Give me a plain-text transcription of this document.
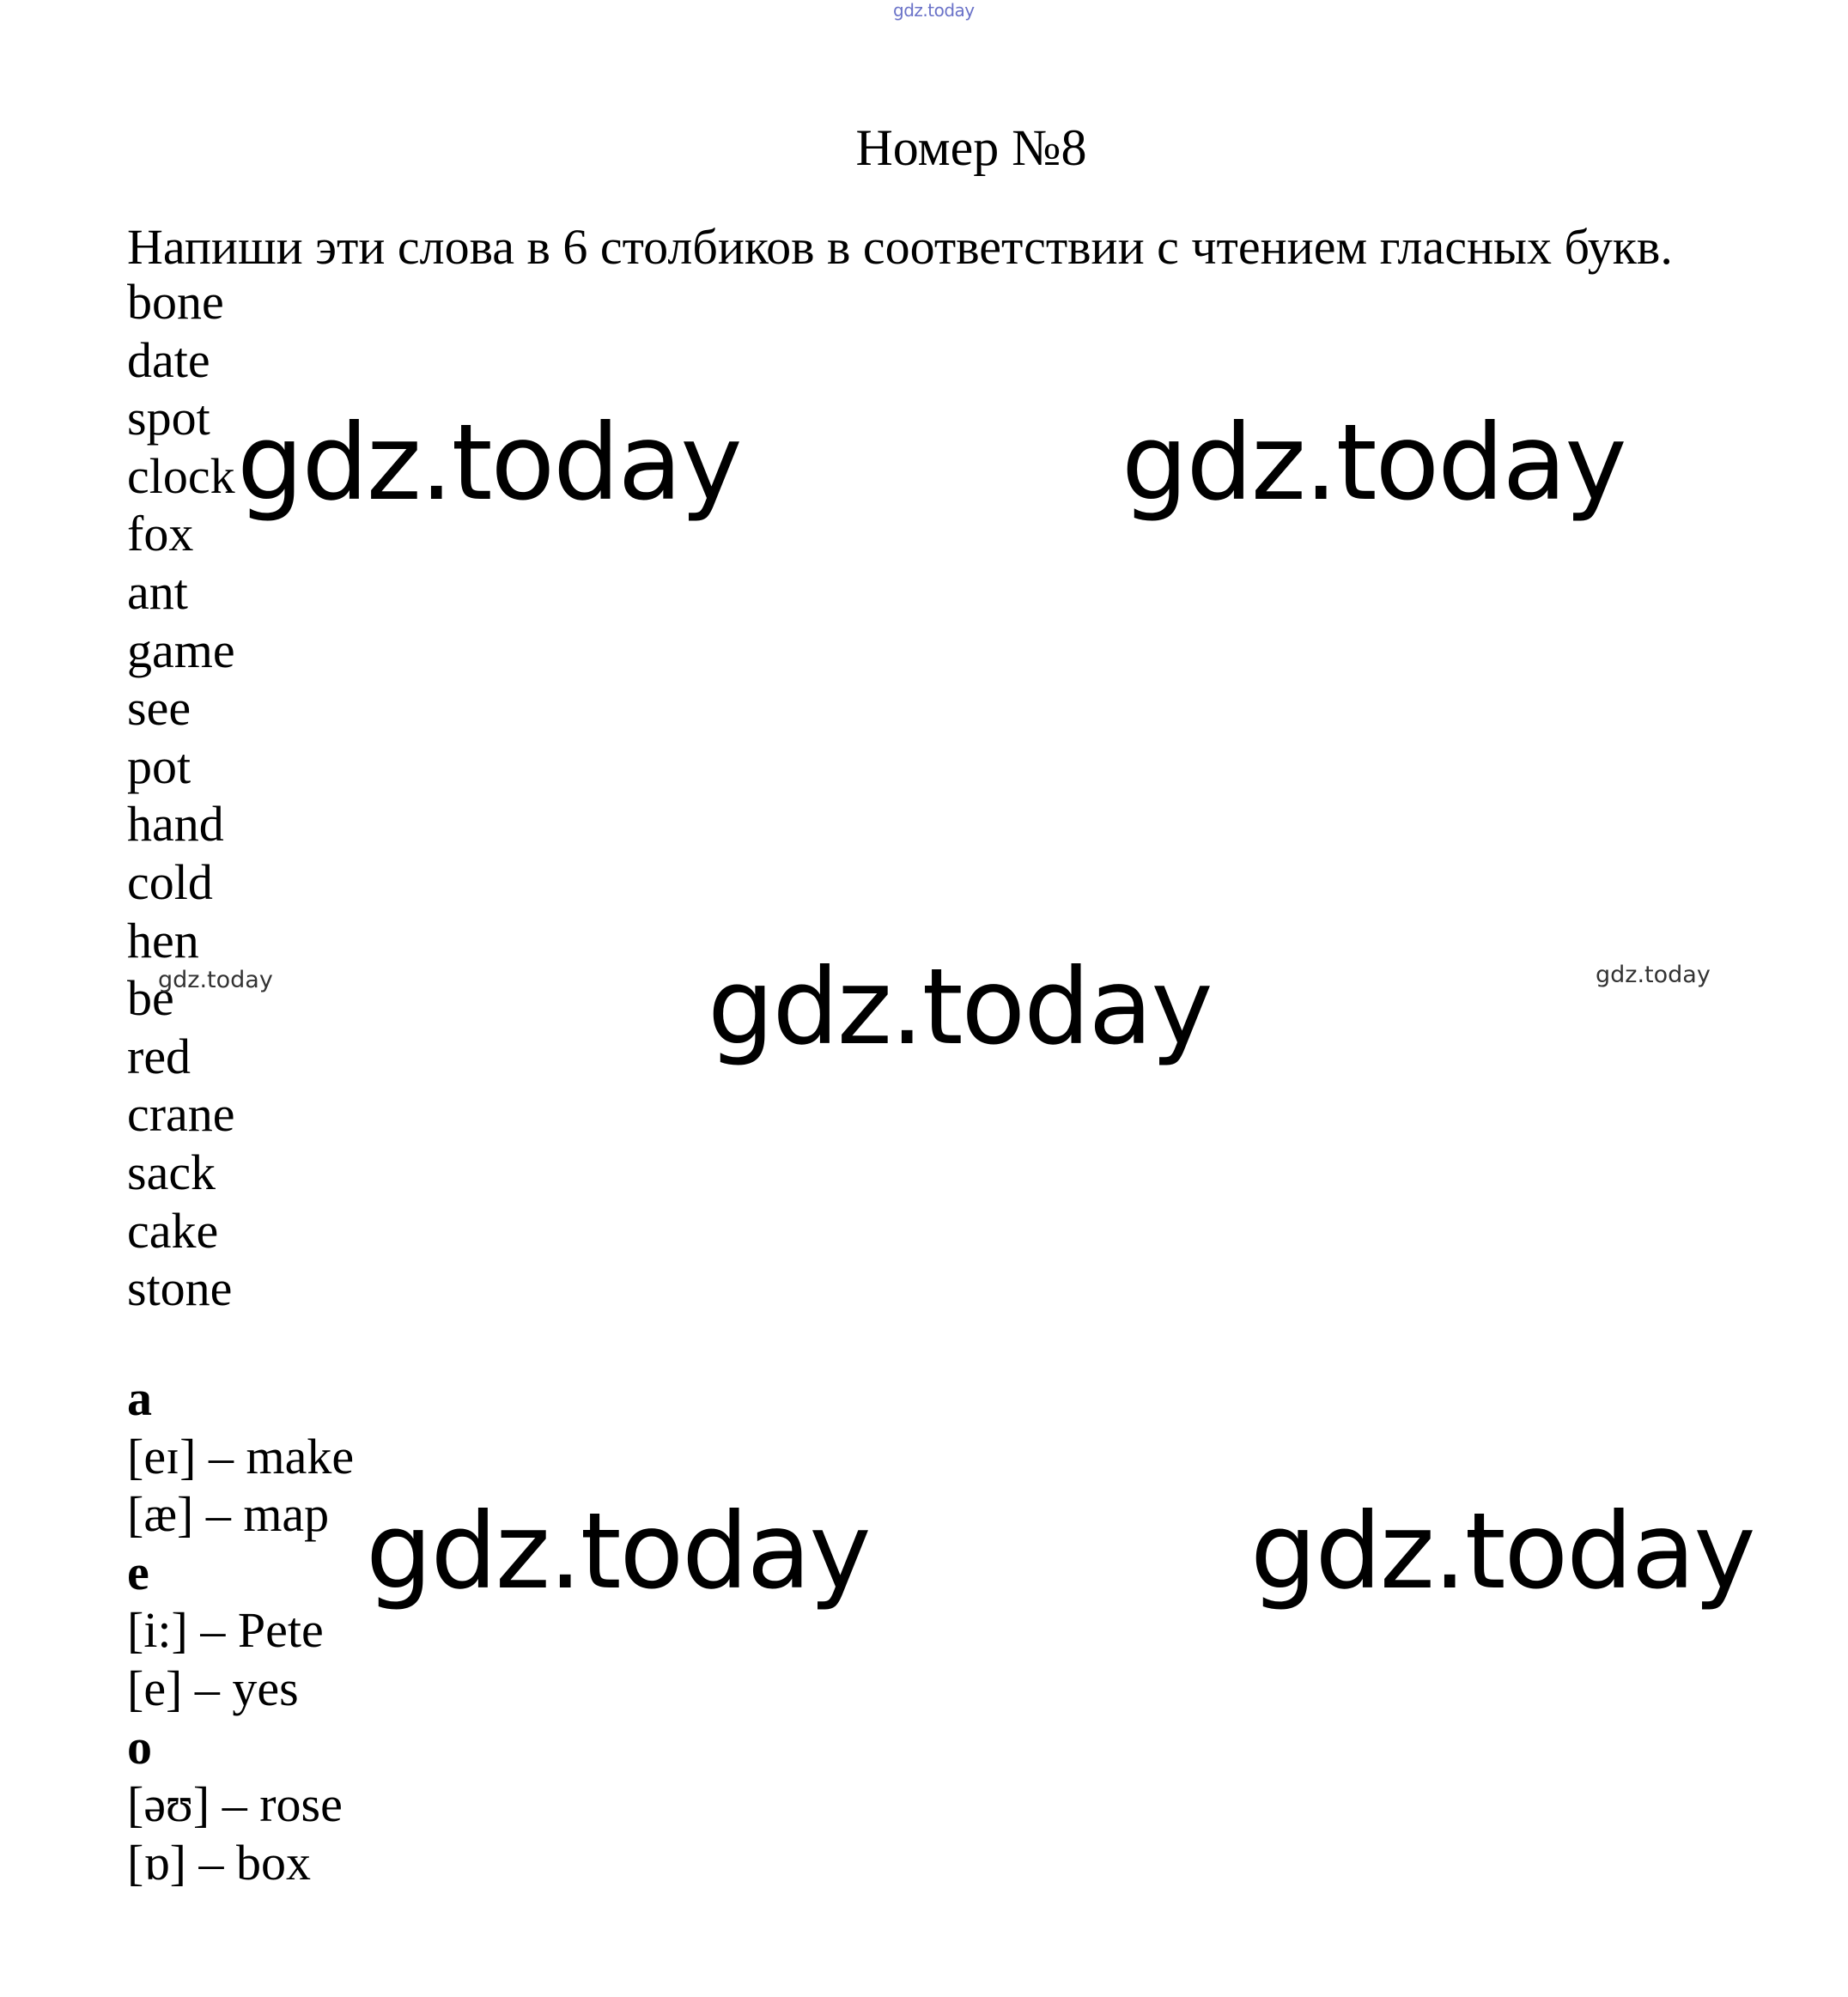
gdz.today
Номер №8
Напиши эти слова в 6 столбиков в соответствии с чтением гласных букв.
bone
date
spot
clock
fox
ant
game
see
pot
hand
cold
hen
be
red
crane
sack
cake
stone
a
[eɪ] – make
[æ] – map
e
[i:] – Pete
[e] – yes
o
[əʊ] – rose
[ɒ] – box
gdz.today	gdz.today
gdz.today
gdz.today	gdz.today
gdz.today	gdz.today
